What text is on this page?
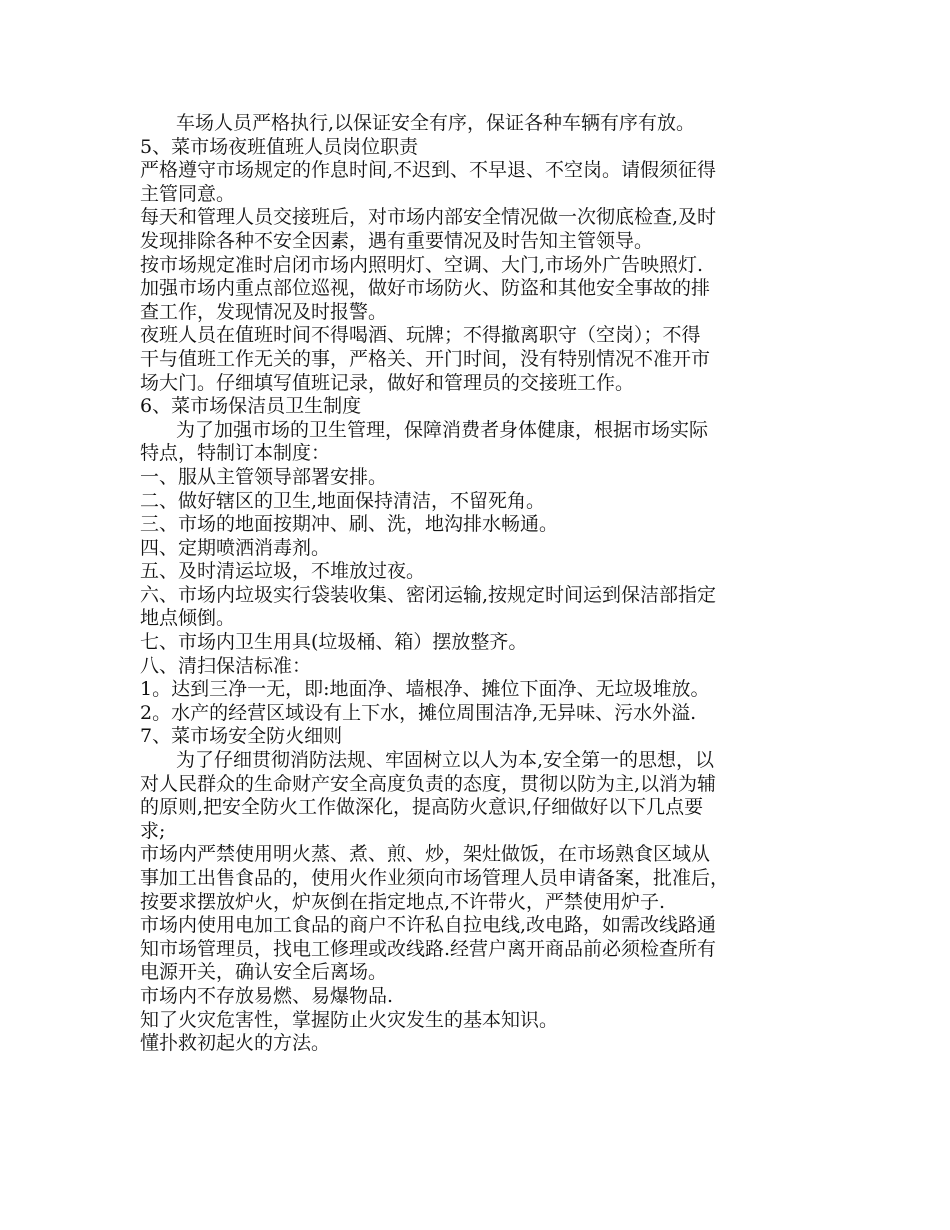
车场人员严格执行,以保证安全有序，保证各种车辆有序有放。

5、菜市场夜班值班人员岗位职责

严格遵守市场规定的作息时间,不迟到、不早退、不空岗。请假须征得

主管同意。

每天和管理人员交接班后，对市场内部安全情况做一次彻底检查,及时

发现排除各种不安全因素，遇有重要情况及时告知主管领导。

按市场规定准时启闭市场内照明灯、空调、大门,市场外广告映照灯.

加强市场内重点部位巡视，做好市场防火、防盗和其他安全事故的排

查工作，发现情况及时报警。

夜班人员在值班时间不得喝酒、玩牌；不得撤离职守（空岗）；不得

干与值班工作无关的事，严格关、开门时间，没有特别情况不准开市

场大门。仔细填写值班记录，做好和管理员的交接班工作。

6、菜市场保洁员卫生制度

为了加强市场的卫生管理，保障消费者身体健康，根据市场实际

特点，特制订本制度：

一、服从主管领导部署安排。

二、做好辖区的卫生,地面保持清洁，不留死角。

三、市场的地面按期冲、刷、洗，地沟排水畅通。

四、定期喷洒消毒剂。

五、及时清运垃圾，不堆放过夜。

六、市场内垃圾实行袋装收集、密闭运输,按规定时间运到保洁部指定

地点倾倒。

七、市场内卫生用具(垃圾桶、箱）摆放整齐。

八、清扫保洁标准：

1。达到三净一无，即:地面净、墙根净、摊位下面净、无垃圾堆放。

2。水产的经营区域设有上下水，摊位周围洁净,无异味、污水外溢.

7、菜市场安全防火细则

为了仔细贯彻消防法规、牢固树立以人为本,安全第一的思想，以

对人民群众的生命财产安全高度负责的态度，贯彻以防为主,以消为辅

的原则,把安全防火工作做深化，提高防火意识,仔细做好以下几点要

求;

市场内严禁使用明火蒸、煮、煎、炒，架灶做饭，在市场熟食区域从

事加工出售食品的，使用火作业须向市场管理人员申请备案，批准后，

按要求摆放炉火，炉灰倒在指定地点,不许带火，严禁使用炉子.

市场内使用电加工食品的商户不许私自拉电线,改电路，如需改线路通

知市场管理员，找电工修理或改线路.经营户离开商品前必须检查所有

电源开关，确认安全后离场。

市场内不存放易燃、易爆物品.

知了火灾危害性，掌握防止火灾发生的基本知识。

懂扑救初起火的方法。
